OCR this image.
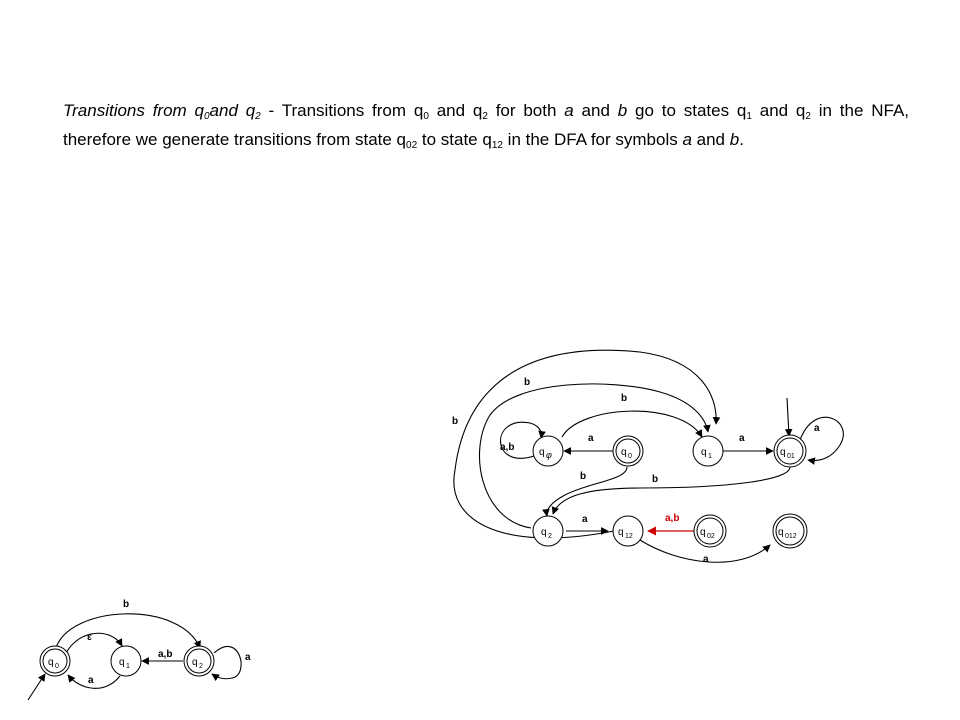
Transitions from $q_0and$ $q_2$ - Transitions from $q_0$ and $q_2$ for both a and b go to states $q_1$ and $q_2$ in the NFA, therefore we generate transitions from state $q_{02}$ to state $q_{12}$ in the DFA for symbols a and b.
b
b
b
a,b
a	a
a
b	b
a	a,b
a
q φ	q 0	q 1	q 01
q 2	q 12	q 02	q 012
b
ε
a,b
a
a
q 0	q 1	q 2
